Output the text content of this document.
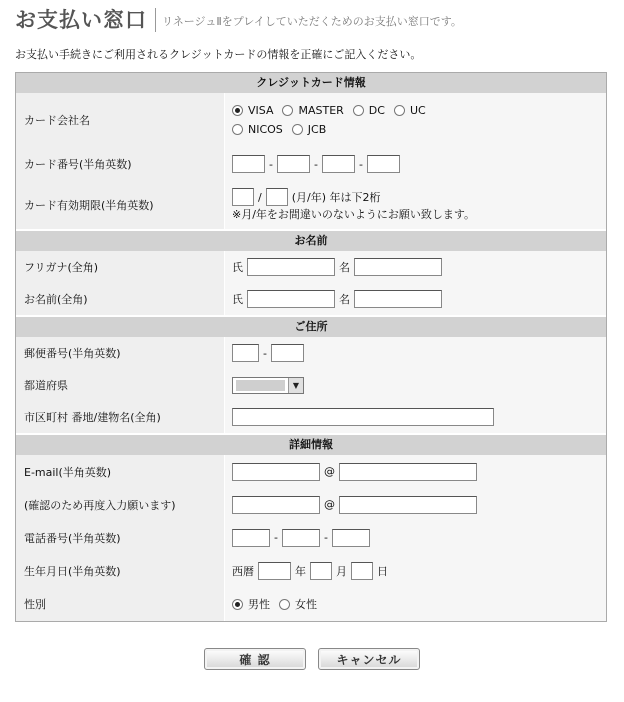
お支払い窓口 リネージュⅡをプレイしていただくためのお支払い窓口です。
お支払い手続きにご利用されるクレジットカードの情報を正確にご記入ください。
クレジットカード情報
カード会社名
VISA MASTER DC UC
NICOS JCB
カード番号(半角英数)	-	-	-
カード有効期限(半角英数)
/	(月/年) 年は下2桁
※月/年をお間違いのないようにお願い致します。
お名前
フリガナ(全角)	氏	名
お名前(全角)	氏	名
ご住所
郵便番号(半角英数)	-
都道府県	▼
市区町村 番地/建物名(全角)
詳細情報
E-mail(半角英数)	@
(確認のため再度入力願います)	@
電話番号(半角英数)	-	-
生年月日(半角英数)	西暦	年	月	日
性別	男性 女性
確 認	キャンセル
